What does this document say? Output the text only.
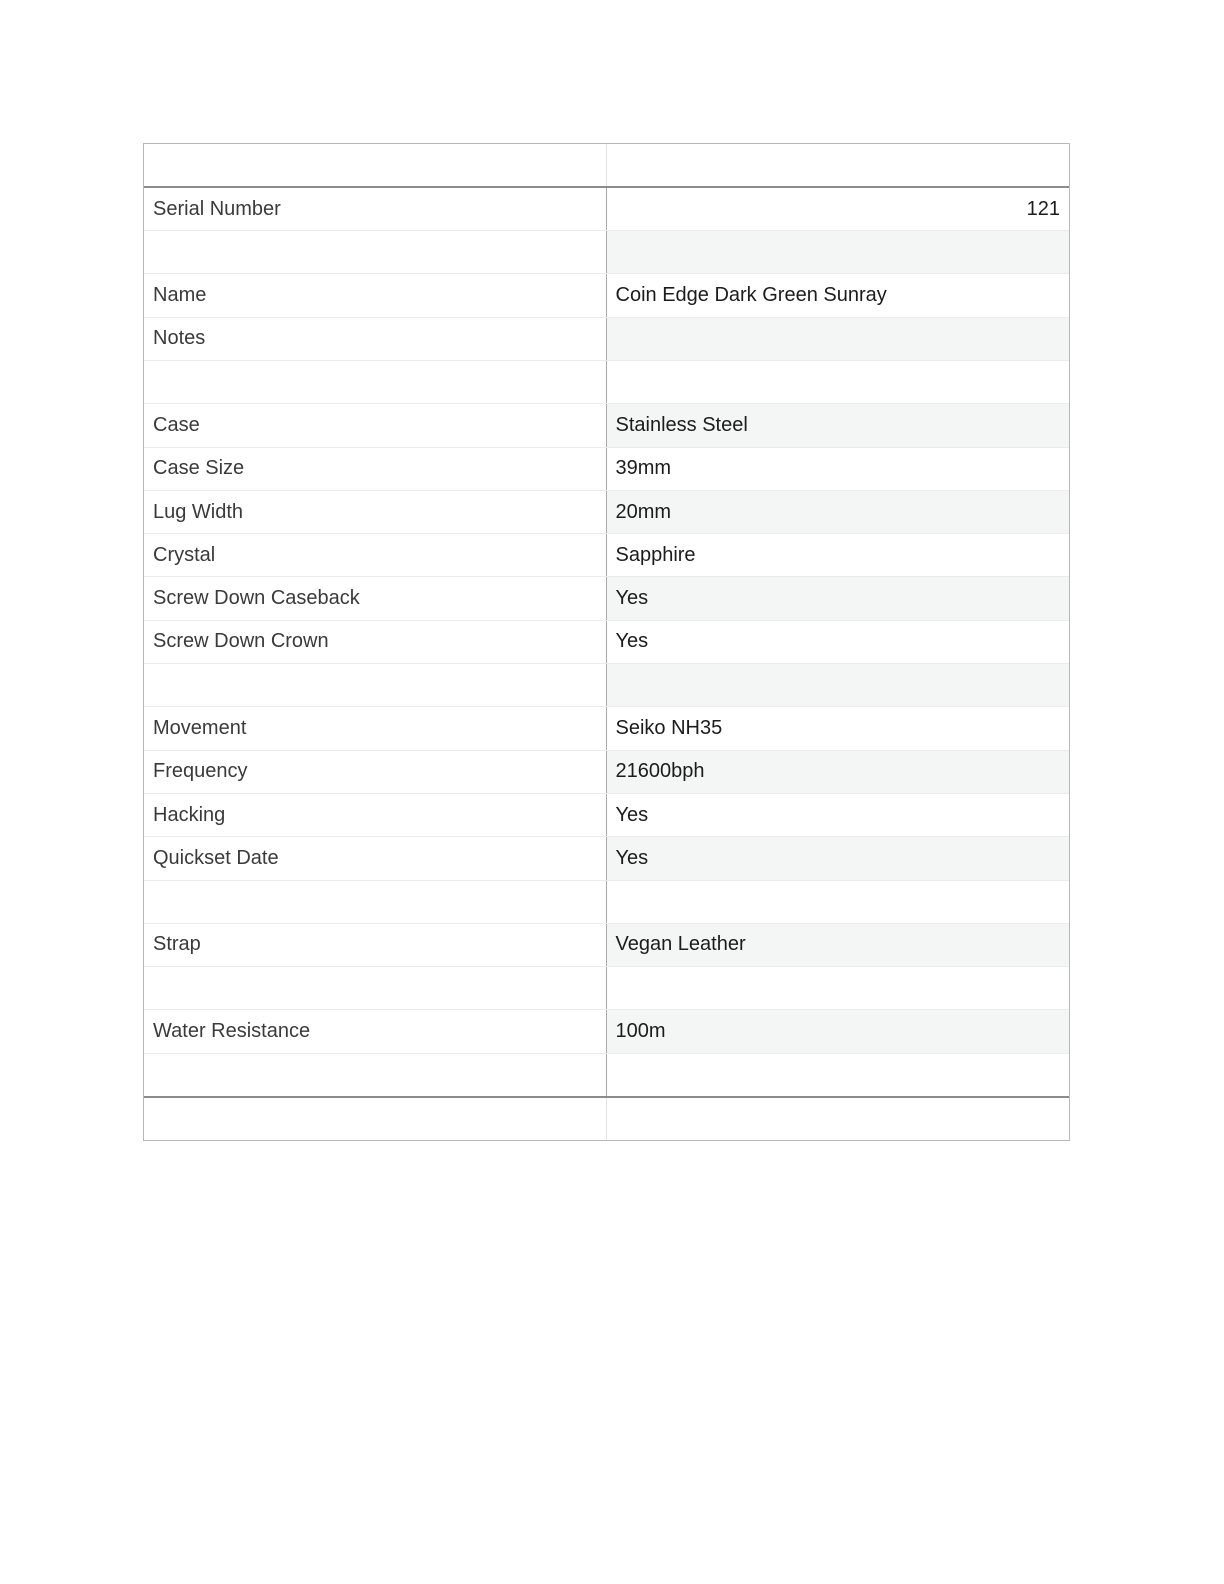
Serial Number	121

Name	Coin Edge Dark Green Sunray
Notes	

Case	Stainless Steel
Case Size	39mm
Lug Width	20mm
Crystal	Sapphire
Screw Down Caseback	Yes
Screw Down Crown	Yes

Movement	Seiko NH35
Frequency	21600bph
Hacking	Yes
Quickset Date	Yes

Strap	Vegan Leather

Water Resistance	100m
